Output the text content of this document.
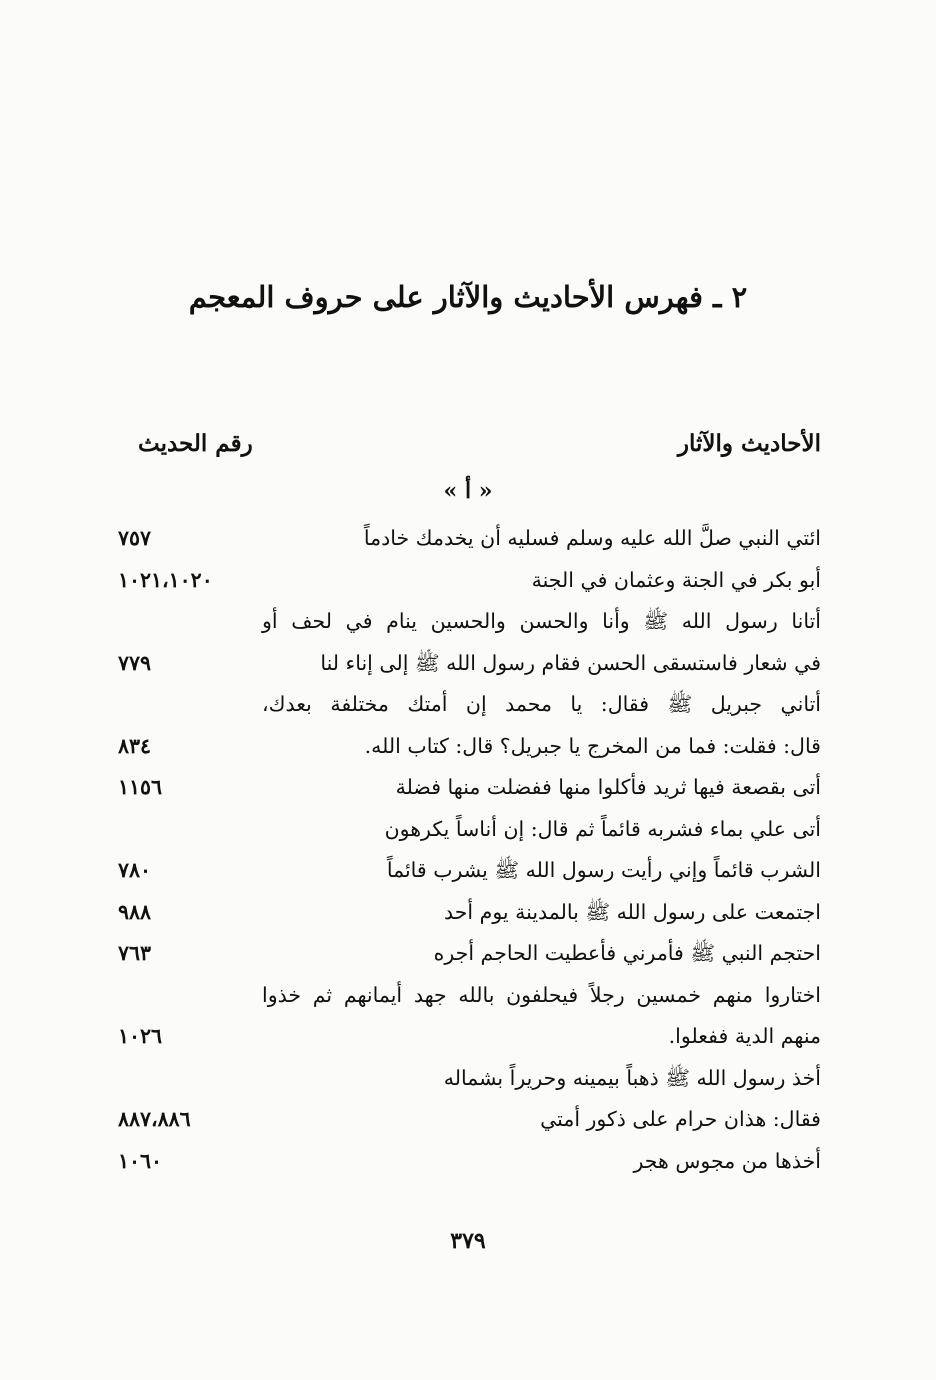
٢ ـ فهرس الأحاديث والآثار على حروف المعجم
الأحاديث والآثار
رقم الحديث
« أ »
ائتي النبي صلَّ الله عليه وسلم فسليه أن يخدمك خادماً
٧٥٧
أبو بكر في الجنة وعثمان في الجنة
١٠٢١،١٠٢٠
أتانا رسول الله ﷺ وأنا والحسن والحسين ينام في لحف أو
في شعار فاستسقى الحسن فقام رسول الله ﷺ إلى إناء لنا
٧٧٩
أتاني جبريل ﷺ فقال: يا محمد إن أمتك مختلفة بعدك،
قال: فقلت: فما من المخرج يا جبريل؟ قال: كتاب الله.
٨٣٤
أتى بقصعة فيها ثريد فأكلوا منها ففضلت منها فضلة
١١٥٦
أتى علي بماء فشربه قائماً ثم قال: إن أناساً يكرهون
الشرب قائماً وإني رأيت رسول الله ﷺ يشرب قائماً
٧٨٠
اجتمعت على رسول الله ﷺ بالمدينة يوم أحد
٩٨٨
احتجم النبي ﷺ فأمرني فأعطيت الحاجم أجره
٧٦٣
اختاروا منهم خمسين رجلاً فيحلفون بالله جهد أيمانهم ثم خذوا
منهم الدية ففعلوا.
١٠٢٦
أخذ رسول الله ﷺ ذهباً بيمينه وحريراً بشماله
فقال: هذان حرام على ذكور أمتي
٨٨٧،٨٨٦
أخذها من مجوس هجر
١٠٦٠
٣٧٩
